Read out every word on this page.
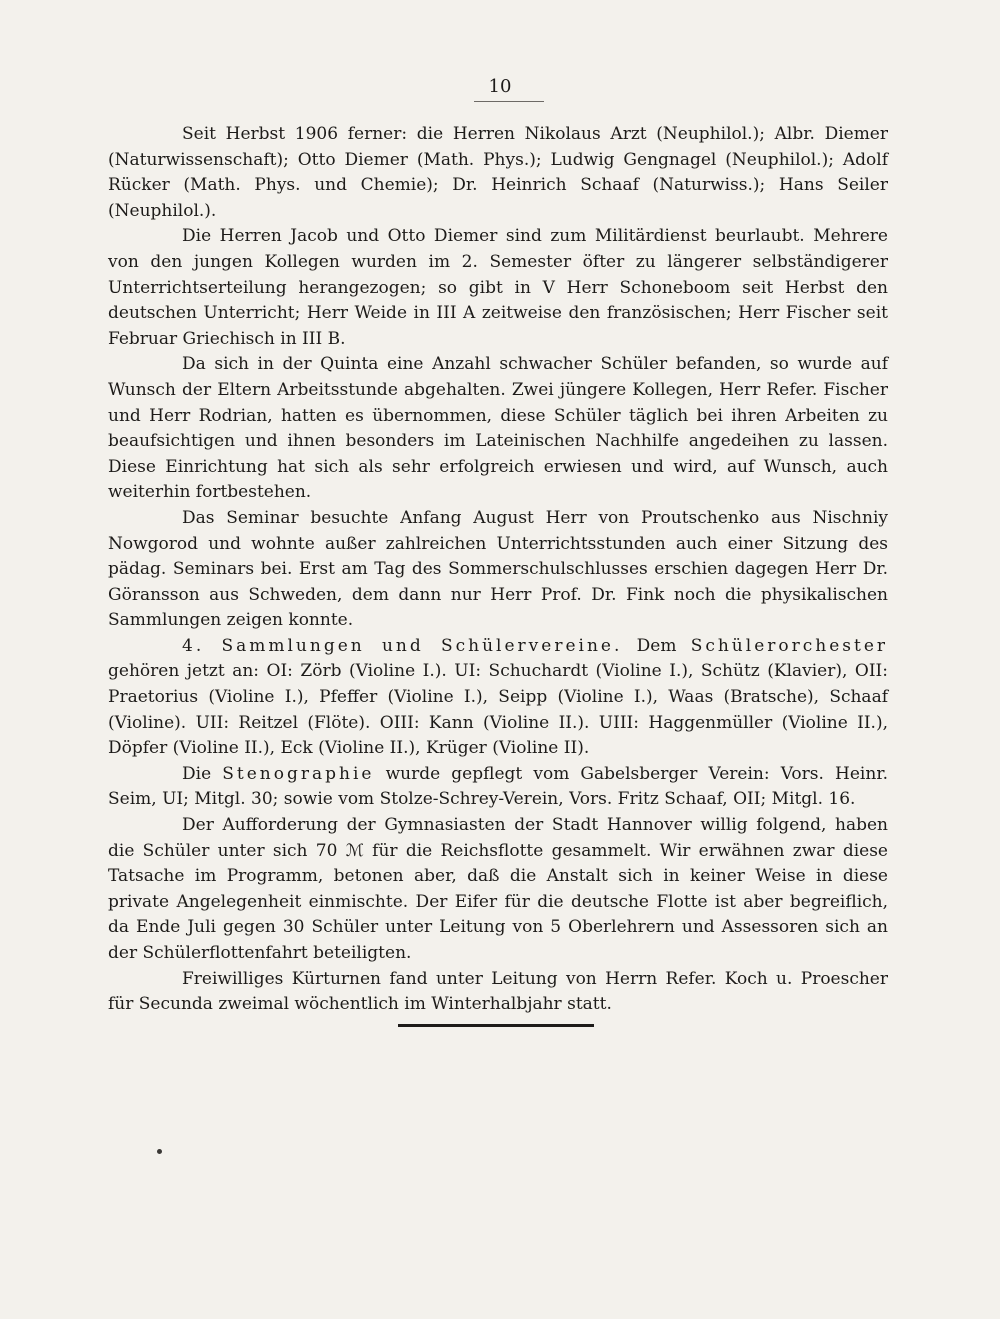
10

Seit Herbst 1906 ferner: die Herren Nikolaus Arzt (Neuphilol.); Albr. Diemer (Naturwissenschaft); Otto Diemer (Math. Phys.); Ludwig Gengnagel (Neuphilol.); Adolf Rücker (Math. Phys. und Chemie); Dr. Heinrich Schaaf (Naturwiss.); Hans Seiler (Neuphilol.).

Die Herren Jacob und Otto Diemer sind zum Militärdienst beurlaubt. Mehrere von den jungen Kollegen wurden im 2. Semester öfter zu längerer selbständigerer Unterrichtserteilung herangezogen; so gibt in V Herr Schoneboom seit Herbst den deutschen Unterricht; Herr Weide in III A zeitweise den französischen; Herr Fischer seit Februar Griechisch in III B.

Da sich in der Quinta eine Anzahl schwacher Schüler befanden, so wurde auf Wunsch der Eltern Arbeitsstunde abgehalten. Zwei jüngere Kollegen, Herr Refer. Fischer und Herr Rodrian, hatten es übernommen, diese Schüler täglich bei ihren Arbeiten zu beaufsichtigen und ihnen besonders im Lateinischen Nachhilfe angedeihen zu lassen. Diese Einrichtung hat sich als sehr erfolgreich erwiesen und wird, auf Wunsch, auch weiterhin fortbestehen.

Das Seminar besuchte Anfang August Herr von Proutschenko aus Nischniy Nowgorod und wohnte außer zahlreichen Unterrichtsstunden auch einer Sitzung des pädag. Seminars bei. Erst am Tag des Sommerschulschlusses erschien dagegen Herr Dr. Göransson aus Schweden, dem dann nur Herr Prof. Dr. Fink noch die physikalischen Sammlungen zeigen konnte.

4. Sammlungen und Schülervereine. Dem Schülerorchester gehören jetzt an: OI: Zörb (Violine I.). UI: Schuchardt (Violine I.), Schütz (Klavier), OII: Praetorius (Violine I.), Pfeffer (Violine I.), Seipp (Violine I.), Waas (Bratsche), Schaaf (Violine). UII: Reitzel (Flöte). OIII: Kann (Violine II.). UIII: Haggenmüller (Violine II.), Döpfer (Violine II.), Eck (Violine II.), Krüger (Violine II).

Die Stenographie wurde gepflegt vom Gabelsberger Verein: Vors. Heinr. Seim, UI; Mitgl. 30; sowie vom Stolze-Schrey-Verein, Vors. Fritz Schaaf, OII; Mitgl. 16.

Der Aufforderung der Gymnasiasten der Stadt Hannover willig folgend, haben die Schüler unter sich 70 ℳ für die Reichsflotte gesammelt. Wir erwähnen zwar diese Tatsache im Programm, betonen aber, daß die Anstalt sich in keiner Weise in diese private Angelegenheit einmischte. Der Eifer für die deutsche Flotte ist aber begreiflich, da Ende Juli gegen 30 Schüler unter Leitung von 5 Oberlehrern und Assessoren sich an der Schülerflottenfahrt beteiligten.

Freiwilliges Kürturnen fand unter Leitung von Herrn Refer. Koch u. Proescher für Secunda zweimal wöchentlich im Winterhalbjahr statt.
